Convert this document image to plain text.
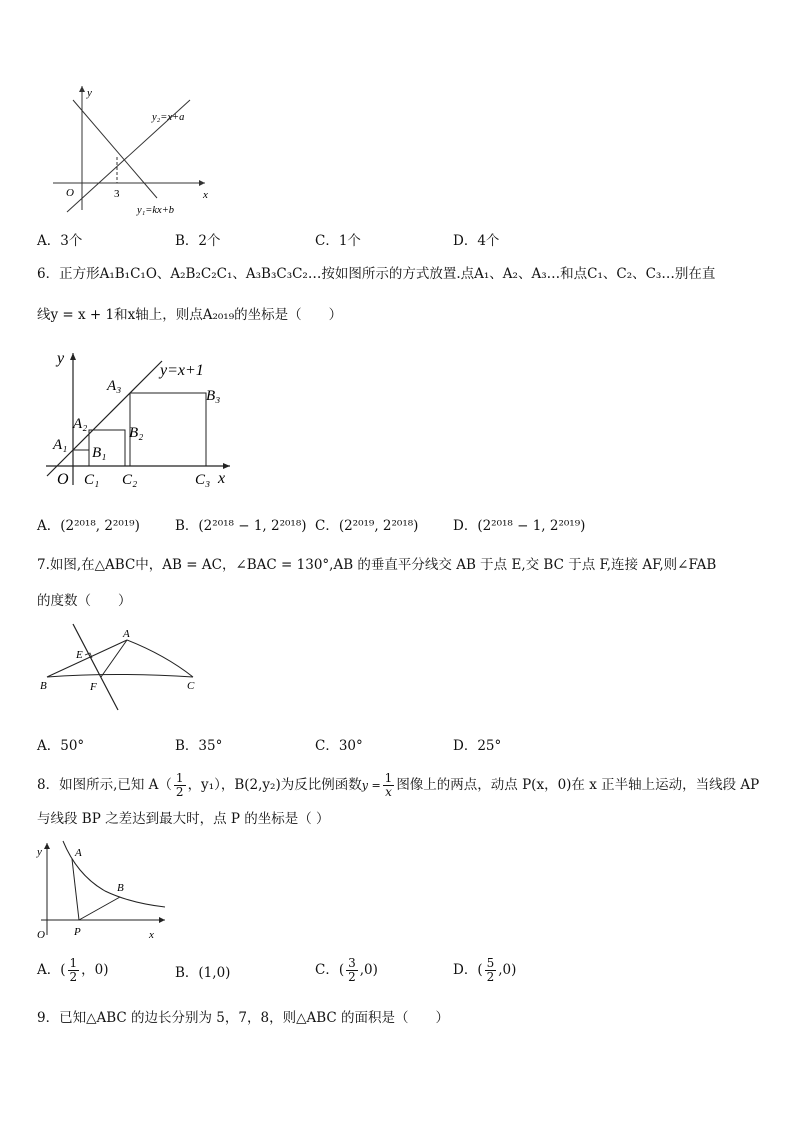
y
x
O	3
y₂=x+a
y₁=kx+b
A．3个	B．2个	C．1个	D．4个
6．正方形A₁B₁C₁O、A₂B₂C₂C₁、A₃B₃C₃C₂…按如图所示的方式放置.点A₁、A₂、A₃…和点C₁、C₂、C₃…别在直
线y = x + 1和x轴上，则点A₂₀₁₉的坐标是（　　）
y
x
O
y=x+1
A₁
A₂
A₃
B₁
B₂
B₃
C₁ C₂	C₃
A．(2²⁰¹⁸, 2²⁰¹⁹)	B．(2²⁰¹⁸ − 1, 2²⁰¹⁸) C．(2²⁰¹⁹, 2²⁰¹⁸)	D．(2²⁰¹⁸ − 1, 2²⁰¹⁹)
7.如图,在△ABC中，AB = AC，∠BAC = 130°,AB 的垂直平分线交 AB 于点 E,交 BC 于点 F,连接 AF,则∠FAB
的度数（　　）
A
B	C
E
F
A．50°	B．35°	C．30°	D．25°
8．如图所示,已知 $A( \frac{1}{2}$ ，y₁），B(2,y₂)为反比例函数$y = \frac{1}{x}$ 图像上的两点，动点 P(x，0)在 x 正半轴上运动，当线段 AP
与线段 BP 之差达到最大时，点 P 的坐标是（ ）
y
x
O
A
B
P
A．( $\frac{1}{2}$ ，0)	B．(1,0)	C．( $\frac{3}{2} ,0$)	D．( $\frac{5}{2} ,0$)
9．已知△ABC 的边长分别为 5，7，8，则△ABC 的面积是（　　）
